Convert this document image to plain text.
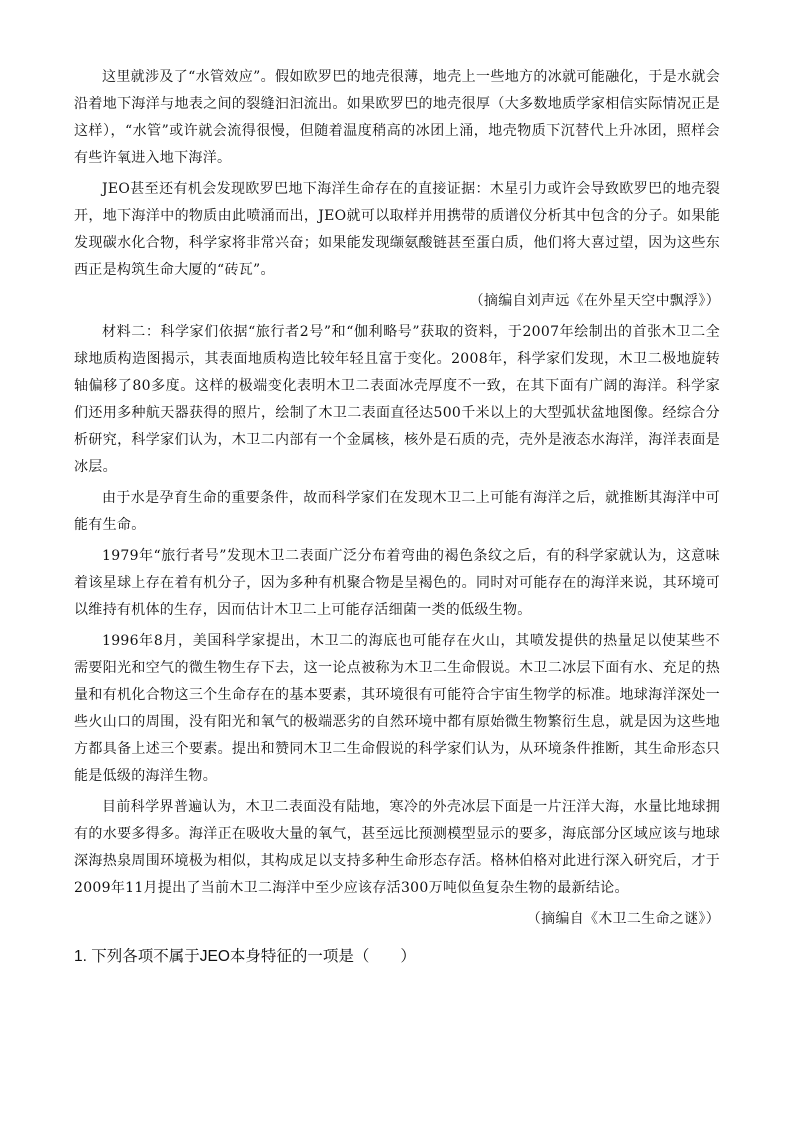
这里就涉及了“水管效应”。假如欧罗巴的地壳很薄，地壳上一些地方的冰就可能融化，于是水就会沿着地下海洋与地表之间的裂缝汩汩流出。如果欧罗巴的地壳很厚（大多数地质学家相信实际情况正是这样），“水管”或许就会流得很慢，但随着温度稍高的冰团上涌，地壳物质下沉替代上升冰团，照样会有些许氧进入地下海洋。

JEO甚至还有机会发现欧罗巴地下海洋生命存在的直接证据：木星引力或许会导致欧罗巴的地壳裂开，地下海洋中的物质由此喷涌而出，JEO就可以取样并用携带的质谱仪分析其中包含的分子。如果能发现碳水化合物，科学家将非常兴奋；如果能发现缬氨酸链甚至蛋白质，他们将大喜过望，因为这些东西正是构筑生命大厦的“砖瓦”。

（摘编自刘声远《在外星天空中飘浮》）

材料二：科学家们依据“旅行者2号”和“伽利略号”获取的资料，于2007年绘制出的首张木卫二全球地质构造图揭示，其表面地质构造比较年轻且富于变化。2008年，科学家们发现，木卫二极地旋转轴偏移了80多度。这样的极端变化表明木卫二表面冰壳厚度不一致，在其下面有广阔的海洋。科学家们还用多种航天器获得的照片，绘制了木卫二表面直径达500千米以上的大型弧状盆地图像。经综合分析研究，科学家们认为，木卫二内部有一个金属核，核外是石质的壳，壳外是液态水海洋，海洋表面是冰层。

由于水是孕育生命的重要条件，故而科学家们在发现木卫二上可能有海洋之后，就推断其海洋中可能有生命。

1979年“旅行者号”发现木卫二表面广泛分布着弯曲的褐色条纹之后，有的科学家就认为，这意味着该星球上存在着有机分子，因为多种有机聚合物是呈褐色的。同时对可能存在的海洋来说，其环境可以维持有机体的生存，因而估计木卫二上可能存活细菌一类的低级生物。

1996年8月，美国科学家提出，木卫二的海底也可能存在火山，其喷发提供的热量足以使某些不需要阳光和空气的微生物生存下去，这一论点被称为木卫二生命假说。木卫二冰层下面有水、充足的热量和有机化合物这三个生命存在的基本要素，其环境很有可能符合宇宙生物学的标准。地球海洋深处一些火山口的周围，没有阳光和氧气的极端恶劣的自然环境中都有原始微生物繁衍生息，就是因为这些地方都具备上述三个要素。提出和赞同木卫二生命假说的科学家们认为，从环境条件推断，其生命形态只能是低级的海洋生物。

目前科学界普遍认为，木卫二表面没有陆地，寒冷的外壳冰层下面是一片汪洋大海，水量比地球拥有的水要多得多。海洋正在吸收大量的氧气，甚至远比预测模型显示的要多，海底部分区域应该与地球深海热泉周围环境极为相似，其构成足以支持多种生命形态存活。格林伯格对此进行深入研究后，才于2009年11月提出了当前木卫二海洋中至少应该存活300万吨似鱼复杂生物的最新结论。

（摘编自《木卫二生命之谜》）

1. 下列各项不属于JEO本身特征的一项是（　　）
